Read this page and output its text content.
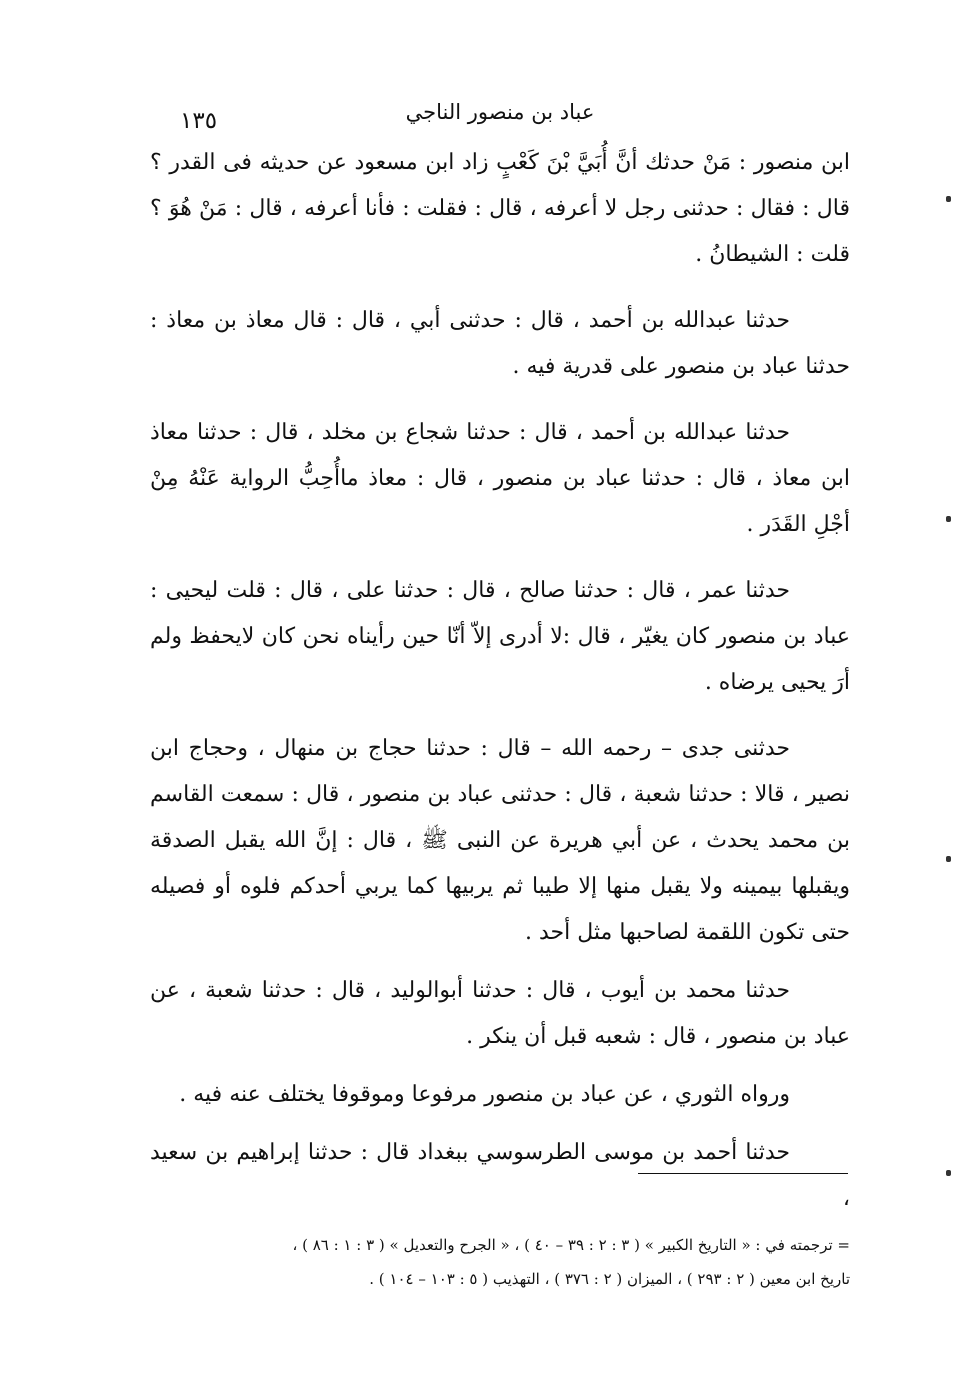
عباد بن منصور الناجي
١٣٥

ابن منصور : مَنْ حدثك أنَّ أُبَيَّ بْنَ كَعْبٍ زاد ابن مسعود عن حديثه فى القدر ؟ قال : فقال : حدثنى رجل لا أعرفه ، قال : فقلت : فأنا أعرفه ، قال : مَنْ هُوَ ؟ قلت : الشيطانُ .

حدثنا عبدالله بن أحمد ، قال : حدثنى أبي ، قال : قال معاذ بن معاذ : حدثنا عباد بن منصور على قدرية فيه .

حدثنا عبدالله بن أحمد ، قال : حدثنا شجاع بن مخلد ، قال : حدثنا معاذ ابن معاذ ، قال : حدثنا عباد بن منصور ، قال : معاذ ماأُحِبُّ الرواية عَنْهُ مِنْ أجْلِ القَدَر .

حدثنا عمر ، قال : حدثنا صالح ، قال : حدثنا على ، قال : قلت ليحيى : عباد بن منصور كان يغيّر ، قال :لا أدرى إلاّ أنّا حين رأيناه نحن كان لايحفظ ولم أرَ يحيى يرضاه .

حدثنى جدى – رحمه الله – قال : حدثنا حجاج بن منهال ، وحجاج ابن نصير ، قالا : حدثنا شعبة ، قال : حدثنى عباد بن منصور ، قال : سمعت القاسم بن محمد يحدث ، عن أبي هريرة عن النبى ﷺ ، قال : إنَّ الله يقبل الصدقة ويقبلها بيمينه ولا يقبل منها إلا طيبا ثم يربيها كما يربي أحدكم فلوه أو فصيله حتى تكون اللقمة لصاحبها مثل أحد .

حدثنا محمد بن أيوب ، قال : حدثنا أبوالوليد ، قال : حدثنا شعبة ، عن عباد بن منصور ، قال : شعبه قبل أن ينكر .

ورواه الثوري ، عن عباد بن منصور مرفوعا وموقوفا يختلف عنه فيه .

حدثنا أحمد بن موسى الطرسوسي ببغداد قال : حدثنا إبراهيم بن سعيد ،

= ترجمته في : « التاريخ الكبير » ( ٣ : ٢ : ٣٩ – ٤٠ ) ، « الجرح والتعديل » ( ٣ : ١ : ٨٦ ) ،

تاريخ ابن معين ( ٢ : ٢٩٣ ) ، الميزان ( ٢ : ٣٧٦ ) ، التهذيب ( ٥ : ١٠٣ – ١٠٤ ) .
